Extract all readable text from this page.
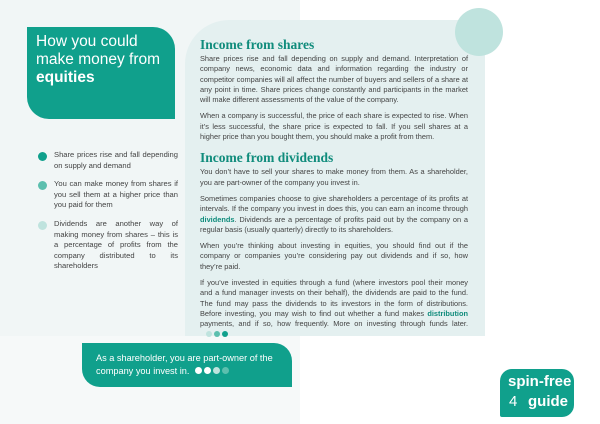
How you could
make money from
equities
Share prices rise and fall depending on supply and demand
You can make money from shares if you sell them at a higher price than you paid for them
Dividends are another way of making money from shares – this is a percentage of profits from the company distributed to its shareholders
Income from shares

Share prices rise and fall depending on supply and demand. Interpretation of company news, economic data and information regarding the industry or competitor companies will all affect the number of buyers and sellers of a share at any point in time. Share prices change constantly and participants in the market will make different assessments of the value of the company.

When a company is successful, the price of each share is expected to rise. When it’s less successful, the share price is expected to fall. If you sell shares at a higher price than you bought them, you should make a profit from them.

Income from dividends

You don’t have to sell your shares to make money from them. As a shareholder, you are part-owner of the company you invest in.

Sometimes companies choose to give shareholders a percentage of its profits at intervals. If the company you invest in does this, you can earn an income through dividends. Dividends are a percentage of profits paid out by the company on a regular basis (usually quarterly) directly to its shareholders.

When you’re thinking about investing in equities, you should find out if the company or companies you’re considering pay out dividends and if so, how they’re paid.

If you’ve invested in equities through a fund (where investors pool their money and a fund manager invests on their behalf), the dividends are paid to the fund. The fund may pass the dividends to its investors in the form of distributions. Before investing, you may wish to find out whether a fund makes distribution payments, and if so, how frequently. More on investing through funds later.

As a shareholder, you are part-owner of the
company you invest in.
spin-free
4 guide
